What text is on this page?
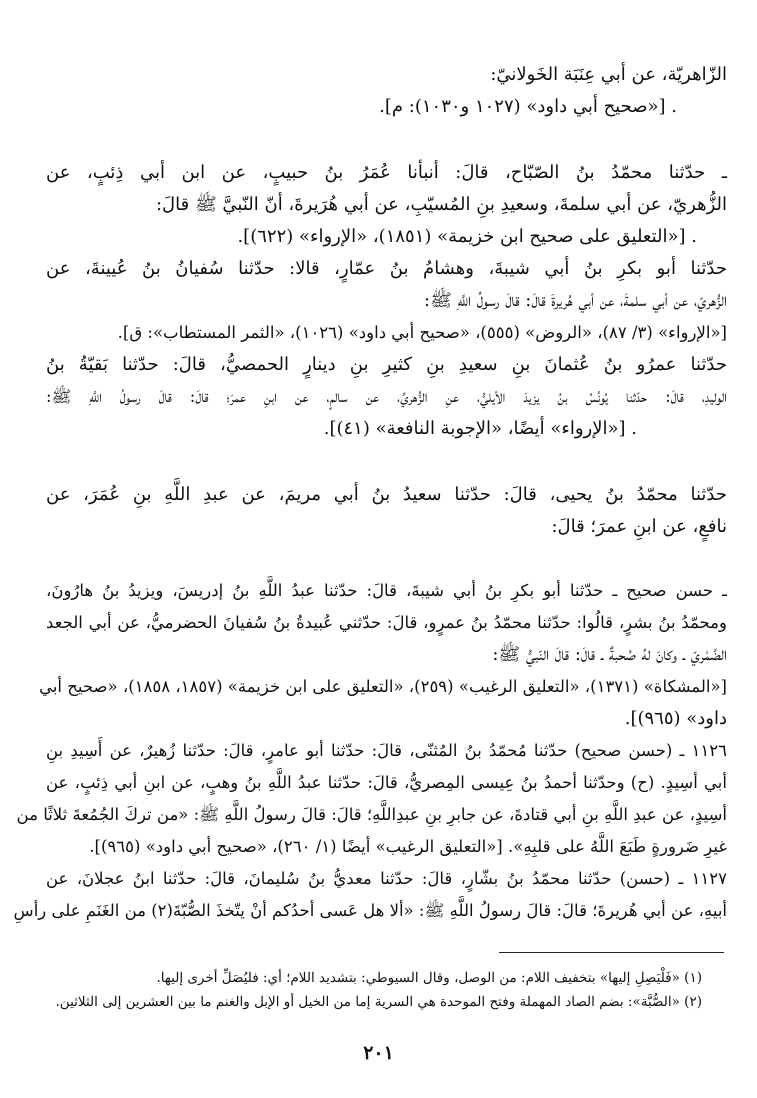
الزّاهريّة، عن أبي عِنَبَة الخَولانيّ:
. [«صحيح أبي داود» (١٠٢٧ و١٠٣٠): م].
ـ حدّثنا محمّدُ بنُ الصّبّاح، قالَ: أنبأنا عُمَرُ بنُ حبيبٍ، عن ابن أبي ذِئبٍ، عن
الزُّهريّ، عن أبي سلمةَ، وسعيدِ بنِ المُسيّبِ، عن أبي هُرَيرةَ، أنّ النّبيَّ ﷺ قالَ:
. [«التعليق على صحيح ابن خزيمة» (١٨٥١)، «الإرواء» (٦٢٢)].
حدّثنا أبو بكرِ بنُ أبي شيبةَ، وهشامُ بنُ عمّارٍ، قالا: حدّثنا سُفيانُ بنُ عُيينةَ، عن
الزُّهريّ، عن أبي سلمةَ، عن أبي هُريرةَ قالَ: قالَ رسولُ اللَّهِ ﷺ:
[«الإرواء» (٣/ ٨٧)، «الروض» (٥٥٥)، «صحيح أبي داود» (١٠٢٦)، «الثمر المستطاب»: ق].
حدّثنا عمرُو بنُ عُثمانَ بنِ سعيدِ بنِ كثيرِ بنِ دينارٍ الحمصيُّ، قالَ: حدّثنا بَقيّةُ بنُ
الوليدِ، قالَ: حدّثنا يُونُسُ بنُ يزيدَ الأيليُّ، عنِ الزُّهريِّ، عن سالمٍ، عن ابنِ عمرَ؛ قالَ: قالَ رسولُ اللَّهِ ﷺ:
. [«الإرواء» أيضًا، «الإجوبة النافعة» (٤١)].
حدّثنا محمّدُ بنُ يحيى، قالَ: حدّثنا سعيدُ بنُ أبي مريمَ، عن عبدِ اللَّهِ بنِ عُمَرَ، عن
نافعٍ، عن ابنِ عمرَ؛ قالَ:
ـ حسن صحيح ـ حدّثنا أبو بكرِ بنُ أبي شيبةَ، قالَ: حدّثنا عبدُ اللَّهِ بنُ إدريسَ، ويزيدُ بنُ هارُونَ،
ومحمّدُ بنُ بشرٍ، قالُوا: حدّثنا محمّدُ بنُ عمرٍو، قالَ: حدّثني عُبيدةُ بنُ سُفيانَ الحضرميُّ، عن أبي الجعد
الضَّمْريّ ـ وكانَ لهُ صُحبةٌ ـ قالَ: قالَ النّبيُّ ﷺ:
[«المشكاة» (١٣٧١)، «التعليق الرغيب» (٢٥٩)، «التعليق على ابن خزيمة» (١٨٥٧، ١٨٥٨)، «صحيح أبي
داود» (٩٦٥)].
١١٢٦ ـ (حسن صحيح) حدّثنا مُحمّدُ بنُ المُثنّى، قالَ: حدّثنا أبو عامرٍ، قالَ: حدّثنا زُهيرٌ، عن أَسِيدِ بنِ
أبي أسِيدٍ. (ح) وحدّثنا أحمدُ بنُ عِيسى المِصريُّ، قالَ: حدّثنا عبدُ اللَّهِ بنُ وهبٍ، عن ابنِ أبي ذِئبٍ، عن
أسِيدٍ، عن عبدِ اللَّهِ بنِ أبي قتادةَ، عن جابرِ بنِ عبدِاللَّهِ؛ قالَ: قالَ رسولُ اللَّهِ ﷺ: «من تركَ الجُمُعةَ ثلاثًا من
غيرِ ضَرورةٍ طَبَعَ اللَّهُ على قلبِهِ». [«التعليق الرغيب» أيضًا (١/ ٢٦٠)، «صحيح أبي داود» (٩٦٥)].
١١٢٧ ـ (حسن) حدّثنا محمّدُ بنُ بشّارٍ، قالَ: حدّثنا معديُّ بنُ سُليمانَ، قالَ: حدّثنا ابنُ عجلانَ، عن
أبيهِ، عن أبي هُريرةَ؛ قالَ: قالَ رسولُ اللَّهِ ﷺ: «ألا هل عَسى أحدُكم أنْ يتّخذَ الصُّبّةَ(٢) من الغَنَمِ على رأسِ
(١) «فَلْيَصِلِ إليها» بتخفيف اللام: من الوصل، وقال السيوطي: بتشديد اللام؛ أي: فليُصَلِّ أخرى إليها.
(٢) «الصُّبَّة»: بضم الصاد المهملة وفتح الموحدة هي السرية إما من الخيل أو الإبل والغنم ما بين العشرين إلى الثلاثين.
٢٠١
